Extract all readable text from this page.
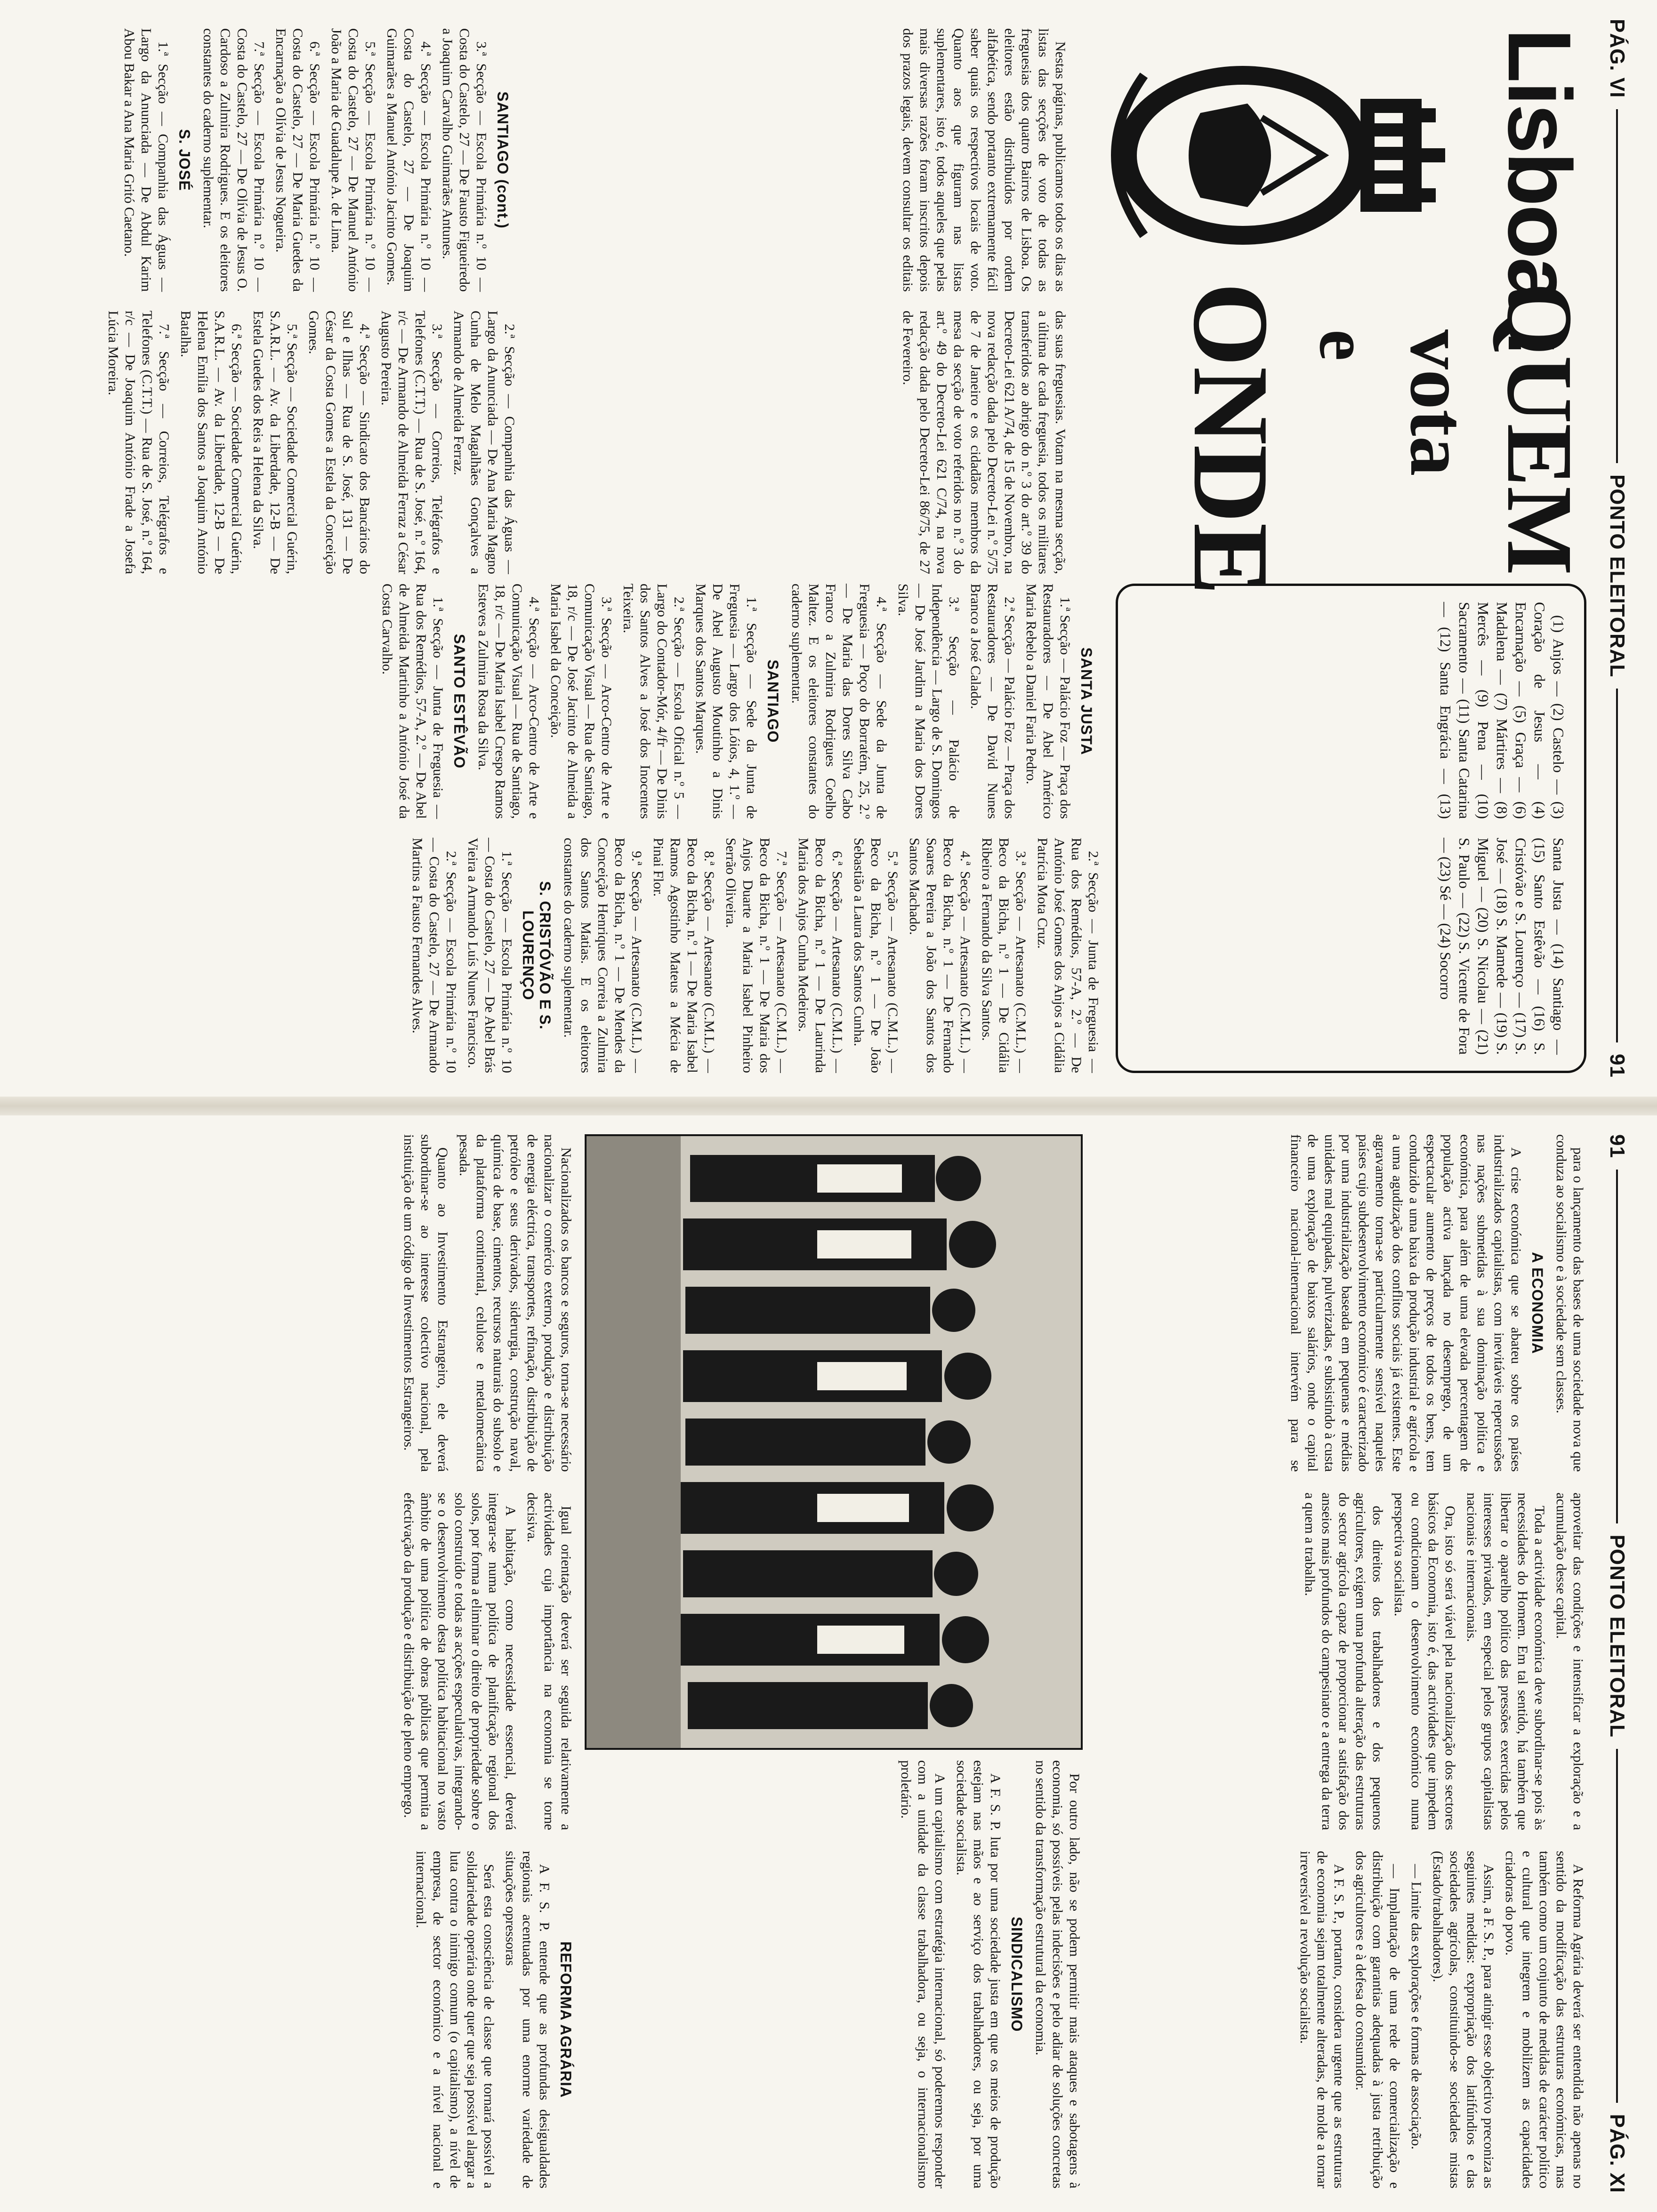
PÁG. VI
PONTO ELEITORAL
91
Lisboa :
QUEM
vota
e
ONDE

Nestas páginas, publicamos todos os dias as listas das secções de voto de todas as freguesias dos quatro Bairros de Lisboa. Os eleitores estão distribuídos por ordem alfabética, sendo portanto extremamente fácil saber quais os respectivos locais de voto. Quanto aos que figuram nas listas suplementares, isto é, todos aqueles que pelas mais diversas razões foram inscritos depois dos prazos legais, devem consultar os editais das suas freguesias. Votam na mesma secção, a última de cada freguesia, todos os militares transferidos ao abrigo do n.º 3 do art.º 39 do Decreto-Lei 621 A/74, de 15 de Novembro, na nova redacção dada pelo Decreto-Lei n.º 5/75 de 7 de Janeiro e os cidadãos membros da mesa da secção de voto referidos no n.º 3 do art.º 49 do Decreto-Lei 621 C/74, na nova redacção dada pelo Decreto-Lei 86/75, de 27 de Fevereiro.

(1) Anjos — (2) Castelo — (3) Coração de Jesus — (4) Encarnação — (5) Graça — (6) Madalena — (7) Mártires — (8) Mercês — (9) Pena — (10) Sacramento — (11) Santa Catarina — (12) Santa Engrácia — (13) Santa Justa — (14) Santiago — (15) Santo Estêvão — (16) S. Cristóvão e S. Lourenço — (17) S. José — (18) S. Mamede — (19) S. Miguel — (20) S. Nicolau — (21) S. Paulo — (22) S. Vicente de Fora — (23) Sé — (24) Socorro

SANTA JUSTA

1.ª Secção — Palácio Foz — Praça dos Restauradores — De Abel Américo Maria Rebelo a Daniel Faria Pedro.

2.ª Secção — Palácio Foz — Praça dos Restauradores — De David Nunes Branco a José Calado.

3.ª Secção — Palácio de Independência — Largo de S. Domingos — De José Jardim a Maria dos Dores Silva.

4.ª Secção — Sede da Junta de Freguesia — Poço do Borratém, 25, 2.º — De Maria das Dores Silva Cabo Franco a Zulmira Rodrigues Coelho Maltez. E os eleitores constantes do caderno suplementar.

SANTIAGO

1.ª Secção — Sede da Junta de Freguesia — Largo dos Lóios, 4, 1.º — De Abel Augusto Moutinho a Dinis Marques dos Santos Marques.

2.ª Secção — Escola Oficial n.º 5 — Largo do Contador-Mór, 4/fr — De Dinis dos Santos Alves a José dos Inocentes Teixeira.

3.ª Secção — Arco-Centro de Arte e Comunicação Visual — Rua de Santiago, 18, r/c — De José Jacinto de Almeida a Maria Isabel da Conceição.

4.ª Secção — Arco-Centro de Arte e Comunicação Visual — Rua de Santiago, 18, r/c — De Maria Isabel Crespo Ramos Esteves a Zulmira Rosa da Silva.

SANTO ESTÊVÃO

1.ª Secção — Junta de Freguesia — Rua dos Remédios, 57-A, 2.º — De Abel de Almeida Martinho a António José da Costa Carvalho.

2.ª Secção — Junta de Freguesia — Rua dos Remédios, 57-A, 2.º — De António José Gomes dos Anjos a Cidália Patrícia Mota Cruz.

3.ª Secção — Artesanato (C.M.L.) — Beco da Bicha, n.º 1 — De Cidália Ribeiro a Fernando da Silva Santos.

4.ª Secção — Artesanato (C.M.L.) — Beco da Bicha, n.º 1 — De Fernando Soares Pereira a João dos Santos dos Santos Machado.

5.ª Secção — Artesanato (C.M.L.) — Beco da Bicha, n.º 1 — De João Sebastião a Laura dos Santos Cunha.

6.ª Secção — Artesanato (C.M.L.) — Beco da Bicha, n.º 1 — De Laurinda Maria dos Anjos Cunha Medeiros.

7.ª Secção — Artesanato (C.M.L.) — Beco da Bicha, n.º 1 — De Maria dos Anjos Duarte a Maria Isabel Pinheiro Serrão Oliveira.

8.ª Secção — Artesanato (C.M.L.) — Beco da Bicha, n.º 1 — De Maria Isabel Ramos Agostinho Mateus a Mécia de Pinai Flor.

9.ª Secção — Artesanato (C.M.L.) — Beco da Bicha, n.º 1 — De Mendes da Conceição Henriques Correia a Zulmira dos Santos Matias. E os eleitores constantes do caderno suplementar.

S. CRISTÓVÃO E S. LOURENÇO

1.ª Secção — Escola Primária n.º 10 — Costa do Castelo, 27 — De Abel Brás Vieira a Armando Luís Nunes Francisco.

2.ª Secção — Escola Primária n.º 10 — Costa do Castelo, 27 — De Armando Martins a Fausto Fernandes Alves.

SANTIAGO (cont.)

3.ª Secção — Escola Primária n.º 10 — Costa do Castelo, 27 — De Fausto Figueiredo a Joaquim Carvalho Guimarães Antunes.

4.ª Secção — Escola Primária n.º 10 — Costa do Castelo, 27 — De Joaquim Guimarães a Manuel António Jacinto Gomes.

5.ª Secção — Escola Primária n.º 10 — Costa do Castelo, 27 — De Manuel António João a Maria de Guadalupe A. de Lima.

6.ª Secção — Escola Primária n.º 10 — Costa do Castelo, 27 — De Maria Guedes da Encarnação a Olívia de Jesus Nogueira.

7.ª Secção — Escola Primária n.º 10 — Costa do Castelo, 27 — De Olívia de Jesus O. Cardoso a Zulmira Rodrigues. E os eleitores constantes do caderno suplementar.

S. JOSÉ

1.ª Secção — Companhia das Águas — Largo da Anunciada — De Abdul Karim Abou Bakar a Ana Maria Gritó Caetano.

2.ª Secção — Companhia das Águas — Largo da Anunciada — De Ana Maria Magno Cunha de Melo Magalhães Gonçalves a Armando de Almeida Ferraz.

3.ª Secção — Correios, Telégrafos e Telefones (C.T.T.) — Rua de S. José, n.º 164, r/c — De Armando de Almeida Ferraz a César Augusto Pereira.

4.ª Secção — Sindicato dos Bancários do Sul e Ilhas — Rua de S. José, 131 — De César da Costa Gomes a Estela da Conceição Gomes.

5.ª Secção — Sociedade Comercial Guérin, S.A.R.L. — Av. da Liberdade, 12-B — De Estela Guedes dos Reis a Helena da Silva.

6.ª Secção — Sociedade Comercial Guérin, S.A.R.L. — Av. da Liberdade, 12-B — De Helena Emília dos Santos a Joaquim António Batalha.

7.ª Secção — Correios, Telégrafos e Telefones (C.T.T.) — Rua de S. José, n.º 164, r/c — De Joaquim António Frade a Josefa Lúcia Moreira.

91
PONTO ELEITORAL
PÁG. XI

para o lançamento das bases de uma sociedade nova que conduza ao socialismo e à sociedade sem classes.

A ECONOMIA

A crise económica que se abateu sobre os países industrializados capitalistas, com inevitáveis repercussões nas nações submetidas à sua dominação política e económica, para além de uma elevada percentagem de população activa lançada no desemprego, de um espectacular aumento de preços de todos os bens, tem conduzido a uma baixa da produção industrial e agrícola e a uma agudização dos conflitos sociais já existentes. Este agravamento torna-se particularmente sensível naqueles países cujo subdesenvolvimento económico é caracterizado por uma industrialização baseada em pequenas e médias unidades mal equipadas, pulverizadas, e subsistindo à custa de uma exploração de baixos salários, onde o capital financeiro nacional-internacional intervém para se aproveitar das condições e intensificar a exploração e a acumulação desse capital.

Toda a actividade económica deve subordinar-se pois às necessidades do Homem. Em tal sentido, há também que libertar o aparelho político das pressões exercidas pelos interesses privados, em especial pelos grupos capitalistas nacionais e internacionais.

Ora, isto só será viável pela nacionalização dos sectores básicos da Economia, isto é, das actividades que impedem ou condicionam o desenvolvimento económico numa perspectiva socialista.

dos direitos dos trabalhadores e dos pequenos agricultores, exigem uma profunda alteração das estruturas do sector agrícola capaz de proporcionar a satisfação dos anseios mais profundos do campesinato e a entrega da terra a quem a trabalha.

A Reforma Agrária deverá ser entendida não apenas no sentido da modificação das estruturas económicas, mas também como um conjunto de medidas de carácter político e cultural que integrem e mobilizem as capacidades criadoras do povo.

Assim, a F. S. P., para atingir esse objectivo preconiza as seguintes medidas: expropriação dos latifúndios e das sociedades agrícolas, constituindo-se sociedades mistas (Estado/trabalhadores).

— Limite das explorações e formas de associação.

— Implantação de uma rede de comercialização e distribuição com garantias adequadas à justa retribuição dos agricultores e à defesa do consumidor.

A F. S. P., portanto, considera urgente que as estruturas de economia sejam totalmente alteradas, de molde a tornar irreversível a revolução socialista.

Por outro lado, não se podem permitir mais ataques e sabotagens à economia, só possíveis pelas indecisões e pelo adiar de soluções concretas no sentido da transformação estrutural da economia.

SINDICALISMO

A F. S. P. luta por uma sociedade justa em que os meios de produção estejam nas mãos e ao serviço dos trabalhadores, ou seja, por uma sociedade socialista.

A um capitalismo com estratégia internacional, só poderemos responder com a unidade da classe trabalhadora, ou seja, o internacionalismo proletário.

Nacionalizados os bancos e seguros, torna-se necessário nacionalizar o comércio externo, produção e distribuição de energia eléctrica, transportes, refinação, distribuição de petróleo e seus derivados, siderurgia, construção naval, química de base, cimentos, recursos naturais do subsolo e da plataforma continental, celulose e metalomecânica pesada.

Quanto ao Investimento Estrangeiro, ele deverá subordinar-se ao interesse colectivo nacional, pela instituição de um código de Investimentos Estrangeiros.

Igual orientação deverá ser seguida relativamente a actividades cuja importância na economia se torne decisiva.

A habitação, como necessidade essencial, deverá integrar-se numa política de planificação regional dos solos, por forma a eliminar o direito de propriedade sobre o solo construído e todas as acções especulativas, integrando-se o desenvolvimento desta política habitacional no vasto âmbito de uma política de obras públicas que permita a efectivação da produção e distribuição de pleno emprego.

REFORMA AGRÁRIA

A F. S. P. entende que as profundas desigualdades regionais acentuadas por uma enorme variedade de situações opressoras

Será esta consciência de classe que tornará possível a solidariedade operária onde quer que seja possível alargar a luta contra o inimigo comum (o capitalismo), a nível de empresa, de sector económico e a nível nacional e internacional.
